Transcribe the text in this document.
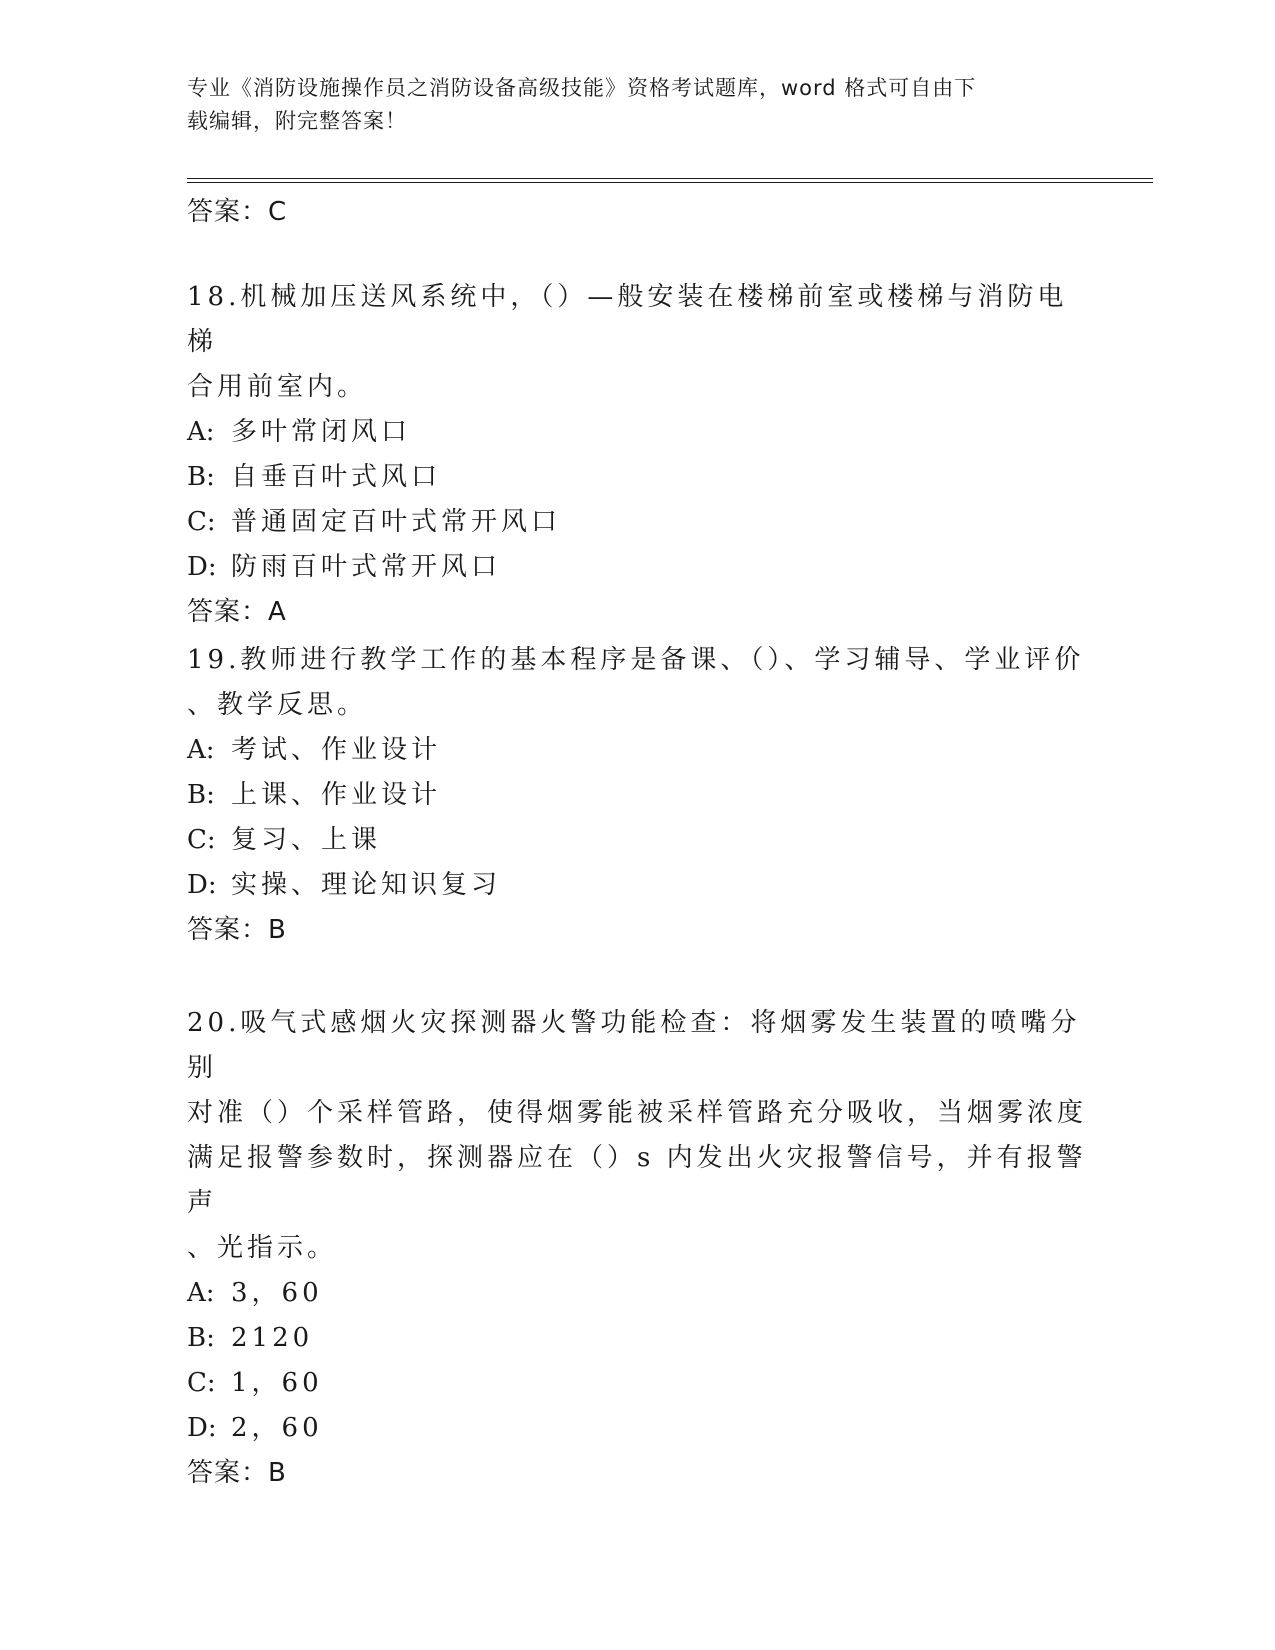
专业《消防设施操作员之消防设备高级技能》资格考试题库，word 格式可自由下
载编辑，附完整答案！
答案：C
18.机械加压送风系统中，（）—般安装在楼梯前室或楼梯与消防电梯
合用前室内。
A: 多叶常闭风口
B: 自垂百叶式风口
C: 普通固定百叶式常开风口
D: 防雨百叶式常开风口
答案：A
19.教师进行教学工作的基本程序是备课、（）、学习辅导、学业评价
、教学反思。
A: 考试、作业设计
B: 上课、作业设计
C: 复习、上课
D: 实操、理论知识复习
答案：B
20.吸气式感烟火灾探测器火警功能检查：将烟雾发生装置的喷嘴分别
对准（）个采样管路，使得烟雾能被采样管路充分吸收，当烟雾浓度
满足报警参数时，探测器应在（）s 内发出火灾报警信号，并有报警声
、光指示。
A: 3，60
B: 2120
C: 1，60
D: 2，60
答案：B
